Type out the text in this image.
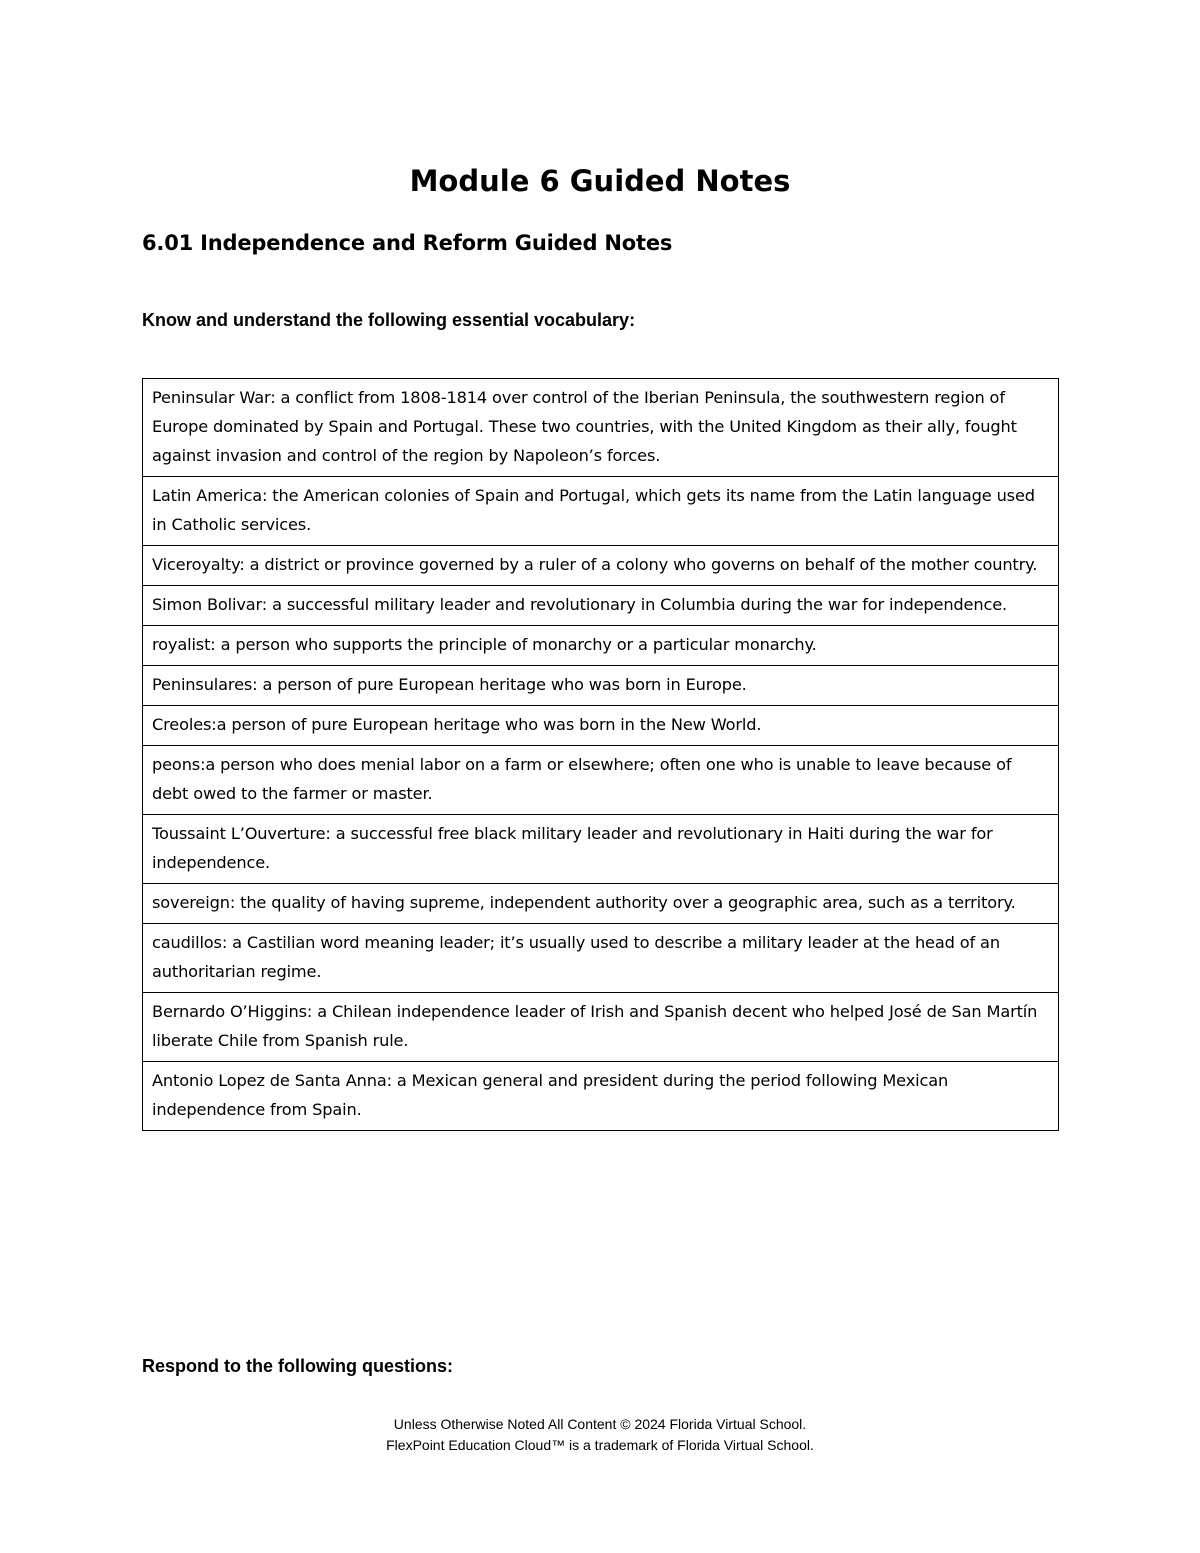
Module 6 Guided Notes
6.01 Independence and Reform Guided Notes
Know and understand the following essential vocabulary:
Peninsular War: a conflict from 1808-1814 over control of the Iberian Peninsula, the southwestern region of Europe dominated by Spain and Portugal. These two countries, with the United Kingdom as their ally, fought against invasion and control of the region by Napoleon’s forces.
Latin America: the American colonies of Spain and Portugal, which gets its name from the Latin language used in Catholic services.
Viceroyalty: a district or province governed by a ruler of a colony who governs on behalf of the mother country.
Simon Bolivar: a successful military leader and revolutionary in Columbia during the war for independence.
royalist: a person who supports the principle of monarchy or a particular monarchy.
Peninsulares: a person of pure European heritage who was born in Europe.
Creoles:a person of pure European heritage who was born in the New World.
peons:a person who does menial labor on a farm or elsewhere; often one who is unable to leave because of debt owed to the farmer or master.
Toussaint L’Ouverture: a successful free black military leader and revolutionary in Haiti during the war for independence.
sovereign: the quality of having supreme, independent authority over a geographic area, such as a territory.
caudillos: a Castilian word meaning leader; it’s usually used to describe a military leader at the head of an authoritarian regime.
Bernardo O’Higgins: a Chilean independence leader of Irish and Spanish decent who helped José de San Martín liberate Chile from Spanish rule.
Antonio Lopez de Santa Anna: a Mexican general and president during the period following Mexican independence from Spain.
Respond to the following questions:
Unless Otherwise Noted All Content © 2024 Florida Virtual School.
FlexPoint Education Cloud™ is a trademark of Florida Virtual School.
